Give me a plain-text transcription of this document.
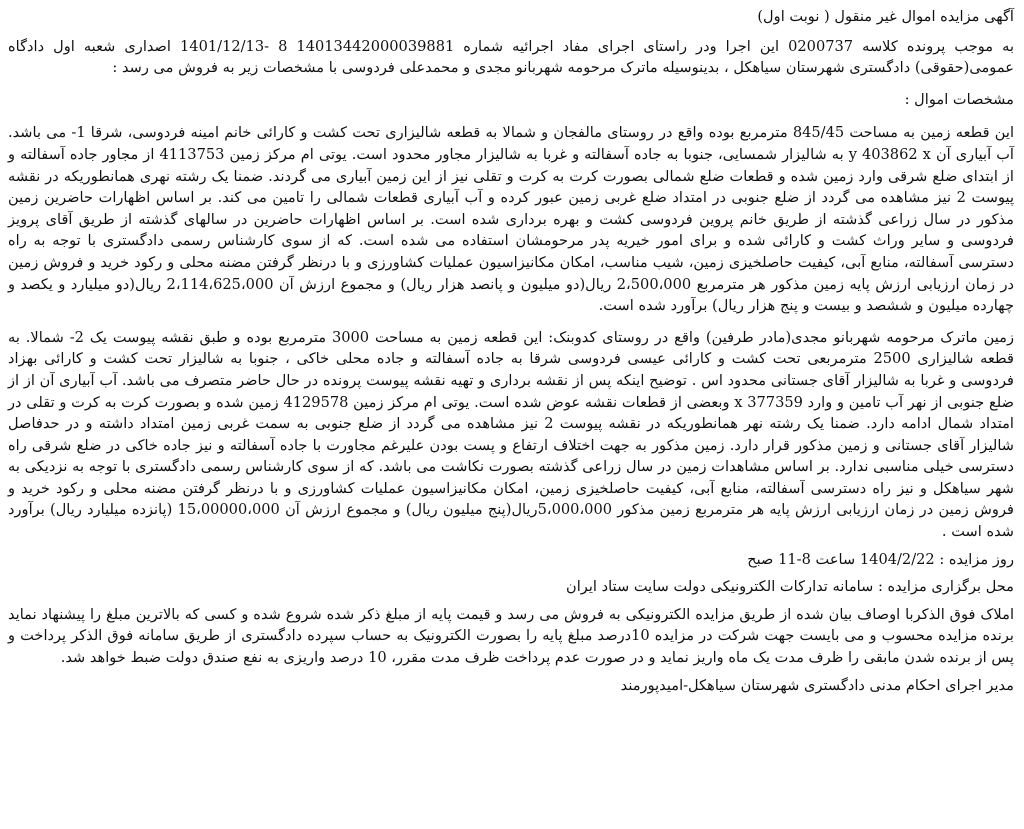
آگهی مزایده اموال غیر منقول ( نوبت اول)

به موجب پرونده کلاسه 0200737 این اجرا ودر راستای اجرای مفاد اجرائیه شماره 14013442000039881 8 -1401/12/13 اصداری شعبه اول دادگاه عمومی(حقوقی) دادگستری شهرستان سیاهکل ، بدینوسیله ماترک مرحومه شهربانو مجدی و محمدعلی فردوسی با مشخصات زیر به فروش می رسد :

مشخصات اموال :

این قطعه زمین به مساحت 845/45 مترمربع بوده واقع در روستای مالفجان و شمالا به قطعه شالیزاری تحت کشت و کارائی خانم امینه فردوسی، شرقا 1- می باشد. آب آبیاری آن y 403862 x به شالیزار شمسایی، جنوبا به جاده آسفالته و غربا به شالیزار مجاور محدود است. یوتی ام مرکز زمین 4113753 از مجاور جاده آسفالته و از ابتدای ضلع شرقی وارد زمین شده و قطعات ضلع شمالی بصورت کرت به کرت و تقلی نیز از این زمین آبیاری می گردند. ضمنا یک رشته نهری همانطوریکه در نقشه پیوست 2 نیز مشاهده می گردد از ضلع جنوبی در امتداد ضلع غربی زمین عبور کرده و آب آبیاری قطعات شمالی را تامین می کند. بر اساس اظهارات حاضرین زمین مذکور در سال زراعی گذشته از طریق خانم پروین فردوسی کشت و بهره برداری شده است. بر اساس اظهارات حاضرین در سالهای گذشته از طریق آقای پرویز فردوسی و سایر وراث کشت و کارائی شده و برای امور خیریه پدر مرحومشان استفاده می شده است. که از سوی کارشناس رسمی دادگستری با توجه به راه دسترسی آسفالته، منابع آبی، کیفیت حاصلخیزی زمین، شیب مناسب، امکان مکانیزاسیون عملیات کشاورزی و با درنظر گرفتن مضنه محلی و رکود خرید و فروش زمین در زمان ارزیابی ارزش پایه زمین مذکور هر مترمربع 2،500،000 ریال(دو میلیون و پانصد هزار ریال) و مجموع ارزش آن 2،114،625،000 ریال(دو میلیارد و یکصد و چهارده میلیون و ششصد و بیست و پنج هزار ریال) برآورد شده است.

زمین ماترک مرحومه شهربانو مجدی(مادر طرفین) واقع در روستای کدوبنک: این قطعه زمین به مساحت 3000 مترمربع بوده و طبق نقشه پیوست یک 2- شمالا. به قطعه شالیزاری 2500 مترمربعی تحت کشت و کارائی عیسی فردوسی شرقا به جاده آسفالته و جاده محلی خاکی ، جنوبا به شالیزار تحت کشت و کارائی بهزاد فردوسی و غربا به شالیزار آقای جستانی محدود اس . توضیح اینکه پس از نقشه برداری و تهیه نقشه پیوست پرونده در حال حاضر متصرف می باشد. آب آبیاری آن از از ضلع جنوبی از نهر آب تامین و وارد 377359 x وبعضی از قطعات نقشه عوض شده است. یوتی ام مرکز زمین 4129578 زمین شده و بصورت کرت به کرت و تقلی در امتداد شمال ادامه دارد. ضمنا یک رشته نهر همانطوریکه در نقشه پیوست 2 نیز مشاهده می گردد از ضلع جنوبی به سمت غربی زمین امتداد داشته و در حدفاصل شالیزار آقای جستانی و زمین مذکور قرار دارد. زمین مذکور به جهت اختلاف ارتفاع و پست بودن علیرغم مجاورت با جاده آسفالته و نیز جاده خاکی در ضلع شرقی راه دسترسی خیلی مناسبی ندارد. بر اساس مشاهدات زمین در سال زراعی گذشته بصورت نکاشت می باشد. که از سوی کارشناس رسمی دادگستری با توجه به نزدیکی به شهر سیاهکل و نیز راه دسترسی آسفالته، منابع آبی، کیفیت حاصلخیزی زمین، امکان مکانیزاسیون عملیات کشاورزی و با درنظر گرفتن مضنه محلی و رکود خرید و فروش زمین در زمان ارزیابی ارزش پایه هر مترمربع زمین مذکور 5،000،000ریال(پنج میلیون ریال) و مجموع ارزش آن 15،00000،000 (پانزده میلیارد ریال) برآورد شده است .

روز مزایده : 1404/2/22 ساعت 8-11 صبح

محل برگزاری مزایده : سامانه تدارکات الکترونیکی دولت سایت ستاد ایران

املاک فوق الذکربا اوصاف بیان شده از طریق مزایده الکترونیکی به فروش می رسد و قیمت پایه از مبلغ ذکر شده شروع شده و کسی که بالاترین مبلغ را پیشنهاد نماید برنده مزایده محسوب و می بایست جهت شرکت در مزایده 10درصد مبلغ پایه را بصورت الکترونیک به حساب سپرده دادگستری از طریق سامانه فوق الذکر پرداخت و پس از برنده شدن مابقی را ظرف مدت یک ماه واریز نماید و در صورت عدم پرداخت ظرف مدت مقرر، 10 درصد واریزی به نفع صندق دولت ضبط خواهد شد.

مدیر اجرای احکام مدنی دادگستری شهرستان سیاهکل-امیدپورمند
